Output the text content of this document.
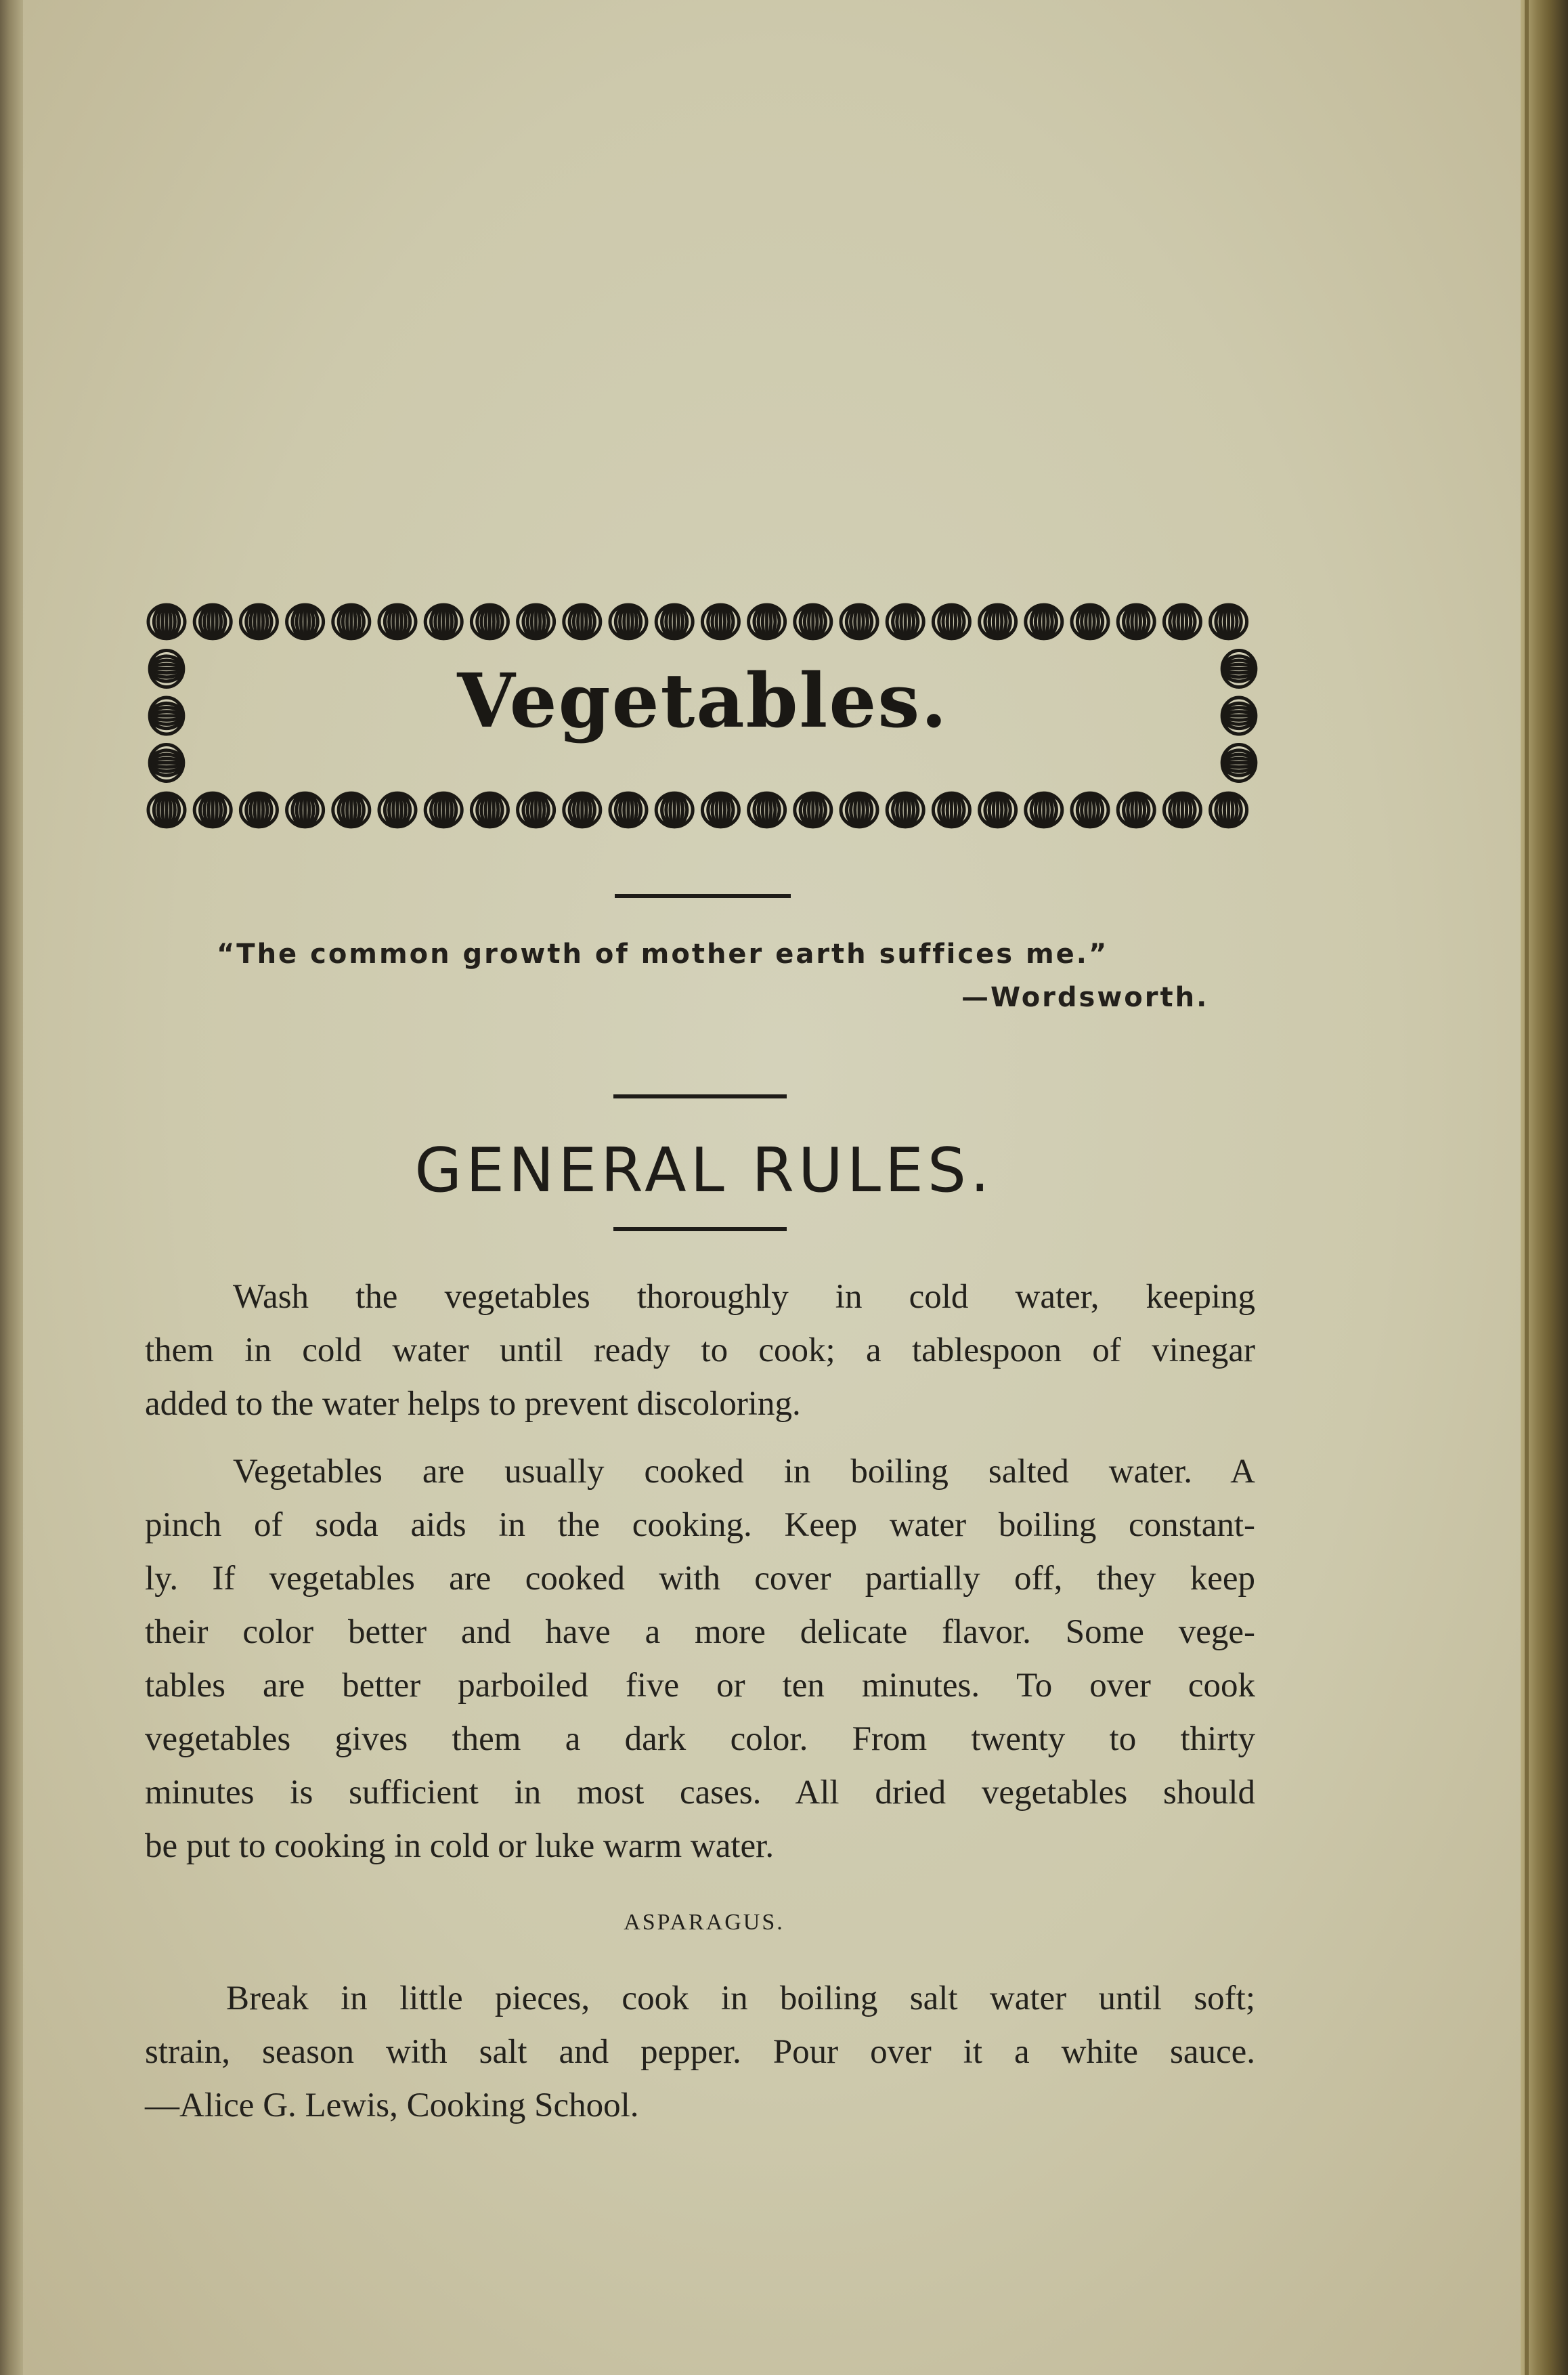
Vegetables.
“The common growth of mother earth suffices me.”
—Wordsworth.
GENERAL RULES.
Wash the vegetables thoroughly in cold water, keeping
them in cold water until ready to cook; a tablespoon of vinegar
added to the water helps to prevent discoloring.
Vegetables are usually cooked in boiling salted water. A
pinch of soda aids in the cooking. Keep water boiling constant-
ly. If vegetables are cooked with cover partially off, they keep
their color better and have a more delicate flavor. Some vege-
tables are better parboiled five or ten minutes. To over cook
vegetables gives them a dark color. From twenty to thirty
minutes is sufficient in most cases. All dried vegetables should
be put to cooking in cold or luke warm water.
ASPARAGUS.
Break in little pieces, cook in boiling salt water until soft;
strain, season with salt and pepper. Pour over it a white sauce.
—Alice G. Lewis, Cooking School.
